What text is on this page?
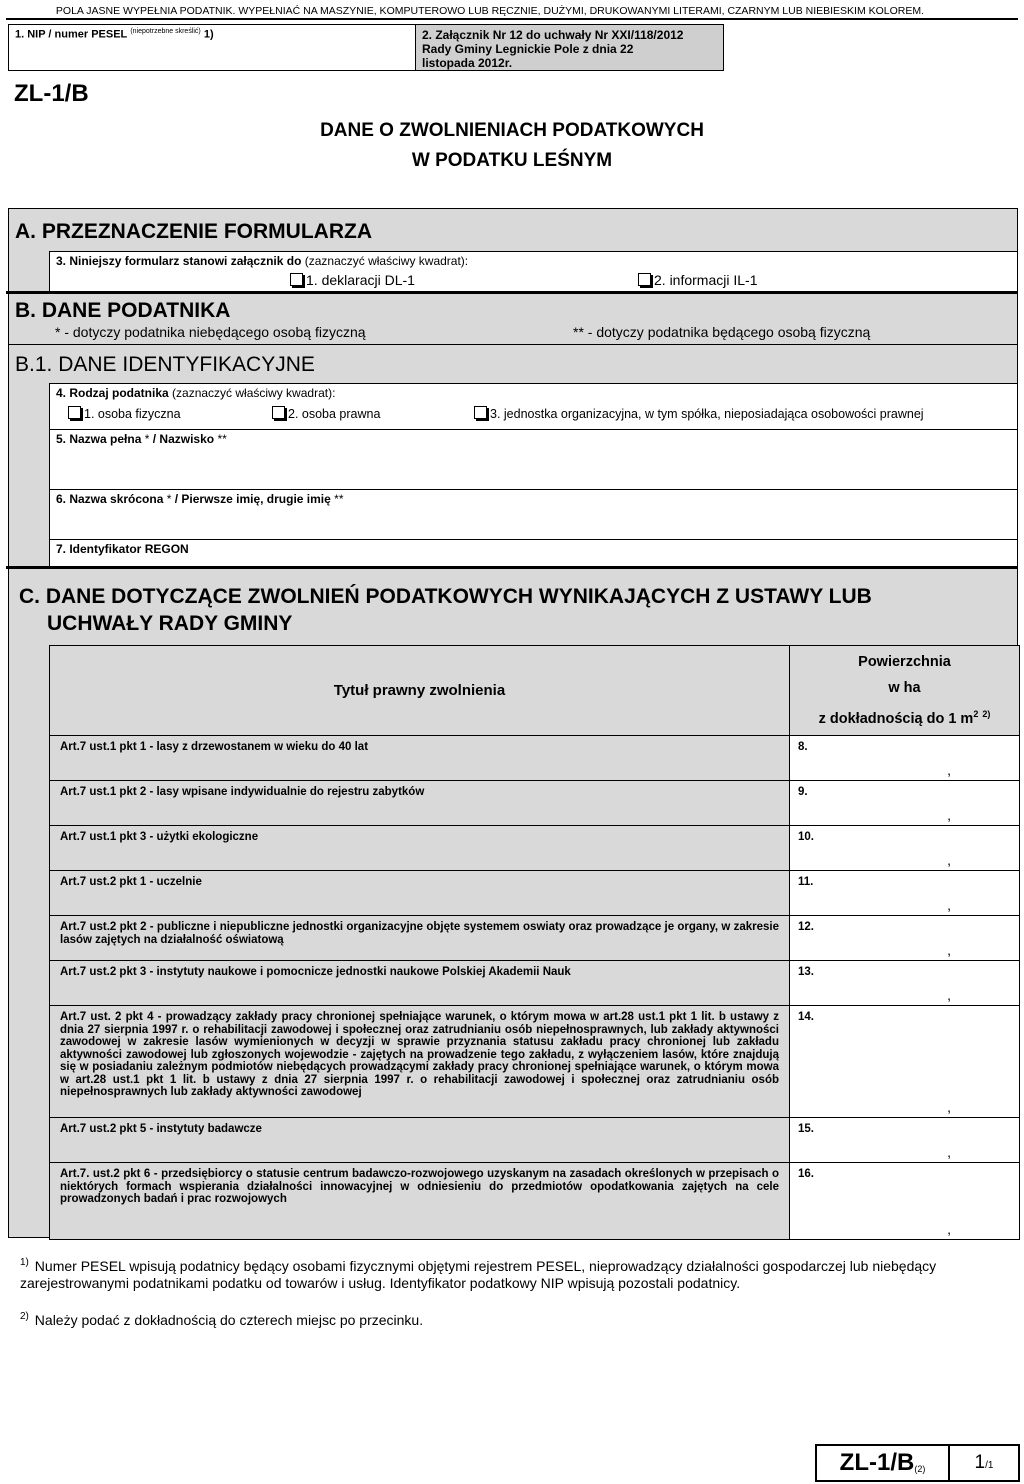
POLA JASNE WYPEŁNIA PODATNIK. WYPEŁNIAĆ NA MASZYNIE, KOMPUTEROWO LUB RĘCZNIE, DUŻYMI, DRUKOWANYMI LITERAMI, CZARNYM LUB NIEBIESKIM KOLOREM.
1. NIP / numer PESEL $^{(niepotrzebne skreślić)}$ 1)	2. Załącznik Nr 12 do uchwały Nr XXI/118/2012
Rady Gminy Legnickie Pole z dnia 22
listopada 2012r.
ZL-1/B
DANE O ZWOLNIENIACH PODATKOWYCH
W PODATKU LEŚNYM
A. PRZEZNACZENIE FORMULARZA
3. Niniejszy formularz stanowi załącznik do (zaznaczyć właściwy kwadrat):
1. deklaracji DL-1	2. informacji IL-1
B. DANE PODATNIKA
* - dotyczy podatnika niebędącego osobą fizyczną	** - dotyczy podatnika będącego osobą fizyczną
B.1. DANE IDENTYFIKACYJNE
4. Rodzaj podatnika (zaznaczyć właściwy kwadrat):
1. osoba fizyczna	2. osoba prawna	3. jednostka organizacyjna, w tym spółka, nieposiadająca osobowości prawnej
5. Nazwa pełna * / Nazwisko **
6. Nazwa skrócona * / Pierwsze imię, drugie imię **
7. Identyfikator REGON
C. DANE DOTYCZĄCE ZWOLNIEŃ PODATKOWYCH WYNIKAJĄCYCH Z USTAWY LUB
UCHWAŁY RADY GMINY
Tytuł prawny zwolnienia	Powierzchnia
w ha
z dokładnością do 1 $m^2$ $^{2)}$

Art.7 ust.1 pkt 1 - lasy z drzewostanem w wieku do 40 lat	8.
,

Art.7 ust.1 pkt 2 - lasy wpisane indywidualnie do rejestru zabytków	9.
,

Art.7 ust.1 pkt 3 - użytki ekologiczne	10.
,

Art.7 ust.2 pkt 1 - uczelnie	11.
,

Art.7 ust.2 pkt 2 - publiczne i niepubliczne jednostki organizacyjne objęte systemem oswiaty oraz prowadzące je organy, w zakresie lasów zajętych na działalność oświatową	12.
,

Art.7 ust.2 pkt 3 - instytuty naukowe i pomocnicze jednostki naukowe Polskiej Akademii Nauk	13.
,

Art.7 ust. 2 pkt 4 - prowadzący zakłady pracy chronionej spełniające warunek, o którym mowa w art.28 ust.1 pkt 1 lit. b ustawy z dnia 27 sierpnia 1997 r. o rehabilitacji zawodowej i społecznej oraz zatrudnianiu osób niepełnosprawnych, lub zakłady aktywności zawodowej w zakresie lasów wymienionych w decyzji w sprawie przyznania statusu zakładu pracy chronionej lub zakładu aktywności zawodowej lub zgłoszonych wojewodzie - zajętych na prowadzenie tego zakładu, z wyłączeniem lasów, które znajdują się w posiadaniu zależnym podmiotów niebędących prowadzącymi zakłady pracy chronionej spełniające warunek, o którym mowa w art.28 ust.1 pkt 1 lit. b ustawy z dnia 27 sierpnia 1997 r. o rehabilitacji zawodowej i społecznej oraz zatrudnianiu osób niepełnosprawnych lub zakłady aktywności zawodowej	14.
,

Art.7 ust.2 pkt 5 - instytuty badawcze	15.
,

Art.7. ust.2 pkt 6 - przedsiębiorcy o statusie centrum badawczo-rozwojowego uzyskanym na zasadach określonych w przepisach o niektórych formach wspierania działalności innowacyjnej w odniesieniu do przedmiotów opodatkowania zajętych na cele prowadzonych badań i prac rozwojowych	16.
,
$^{1)}$ Numer PESEL wpisują podatnicy będący osobami fizycznymi objętymi rejestrem PESEL, nieprowadzący działalności gospodarczej lub niebędący zarejestrowanymi podatnikami podatku od towarów i usług. Identyfikator podatkowy NIP wpisują pozostali podatnicy.
$^{2)}$ Należy podać z dokładnością do czterech miejsc po przecinku.
ZL-1/B (2)	1 /1
